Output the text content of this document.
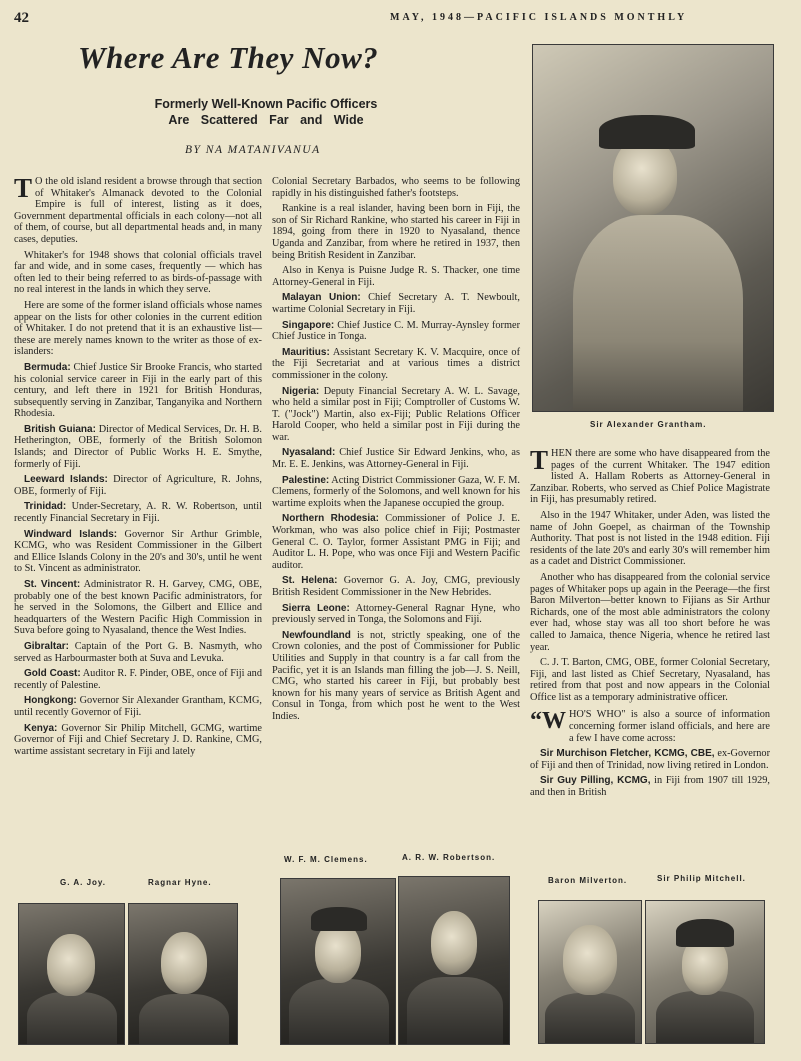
42	MAY, 1948—PACIFIC ISLANDS MONTHLY
Where Are They Now?
Formerly Well-Known Pacific Officers
Are Scattered Far and Wide
BY NA MATANIVANUA

T O the old island resident a browse through that section of Whitaker's Almanack devoted to the Colonial Empire is full of interest, listing as it does, Government departmental officials in each colony—not all of them, of course, but all departmental heads and, in many cases, deputies.

Whitaker's for 1948 shows that colonial officials travel far and wide, and in some cases, frequently — which has often led to their being referred to as birds-of-passage with no real interest in the lands in which they serve.

Here are some of the former island officials whose names appear on the lists for other colonies in the current edition of Whitaker. I do not pretend that it is an exhaustive list—these are merely names known to the writer as those of ex-islanders:

Bermuda: Chief Justice Sir Brooke Francis, who started his colonial service career in Fiji in the early part of this century, and left there in 1921 for British Honduras, subsequently serving in Zanzibar, Tanganyika and Northern Rhodesia.

British Guiana: Director of Medical Services, Dr. H. B. Hetherington, OBE, formerly of the British Solomon Islands; and Director of Public Works H. E. Smythe, formerly of Fiji.

Leeward Islands: Director of Agriculture, R. Johns, OBE, formerly of Fiji.

Trinidad: Under-Secretary, A. R. W. Robertson, until recently Financial Secretary in Fiji.

Windward Islands: Governor Sir Arthur Grimble, KCMG, who was Resident Commissioner in the Gilbert and Ellice Islands Colony in the 20's and 30's, until he went to St. Vincent as administrator.

St. Vincent: Administrator R. H. Garvey, CMG, OBE, probably one of the best known Pacific administrators, for he served in the Solomons, the Gilbert and Ellice and headquarters of the Western Pacific High Commission in Suva before going to Nyasaland, thence the West Indies.

Gibraltar: Captain of the Port G. B. Nasmyth, who served as Harbourmaster both at Suva and Levuka.

Gold Coast: Auditor R. F. Pinder, OBE, once of Fiji and recently of Palestine.

Hongkong: Governor Sir Alexander Grantham, KCMG, until recently Governor of Fiji.

Kenya: Governor Sir Philip Mitchell, GCMG, wartime Governor of Fiji and Chief Secretary J. D. Rankine, CMG, wartime assistant secretary in Fiji and lately

Colonial Secretary Barbados, who seems to be following rapidly in his distinguished father's footsteps.

Rankine is a real islander, having been born in Fiji, the son of Sir Richard Rankine, who started his career in Fiji in 1894, going from there in 1920 to Nyasaland, thence Uganda and Zanzibar, from where he retired in 1937, then being British Resident in Zanzibar.

Also in Kenya is Puisne Judge R. S. Thacker, one time Attorney-General in Fiji.

Malayan Union: Chief Secretary A. T. Newboult, wartime Colonial Secretary in Fiji.

Singapore: Chief Justice C. M. Murray-Aynsley former Chief Justice in Tonga.

Mauritius: Assistant Secretary K. V. Macquire, once of the Fiji Secretariat and at various times a district commissioner in the colony.

Nigeria: Deputy Financial Secretary A. W. L. Savage, who held a similar post in Fiji; Comptroller of Customs W. T. ("Jock") Martin, also ex-Fiji; Public Relations Officer Harold Cooper, who held a similar post in Fiji during the war.

Nyasaland: Chief Justice Sir Edward Jenkins, who, as Mr. E. E. Jenkins, was Attorney-General in Fiji.

Palestine: Acting District Commissioner Gaza, W. F. M. Clemens, formerly of the Solomons, and well known for his wartime exploits when the Japanese occupied the group.

Northern Rhodesia: Commissioner of Police J. E. Workman, who was also police chief in Fiji; Postmaster General C. O. Taylor, former Assistant PMG in Fiji; and Auditor L. H. Pope, who was once Fiji and Western Pacific auditor.

St. Helena: Governor G. A. Joy, CMG, previously British Resident Commissioner in the New Hebrides.

Sierra Leone: Attorney-General Ragnar Hyne, who previously served in Tonga, the Solomons and Fiji.

Newfoundland is not, strictly speaking, one of the Crown colonies, and the post of Commissioner for Public Utilities and Supply in that country is a far call from the Pacific, yet it is an Islands man filling the job—J. S. Neill, CMG, who started his career in Fiji, but probably best known for his many years of service as British Agent and Consul in Tonga, from which post he went to the West Indies.

THEN there are some who have disappeared from the pages of the current Whitaker. The 1947 edition listed A. Hallam Roberts as Attorney-General in Zanzibar. Roberts, who served as Chief Police Magistrate in Fiji, has presumably retired.

Also in the 1947 Whitaker, under Aden, was listed the name of John Goepel, as chairman of the Township Authority. That post is not listed in the 1948 edition. Fiji residents of the late 20's and early 30's will remember him as a cadet and District Commissioner.

Another who has disappeared from the colonial service pages of Whitaker pops up again in the Peerage—the first Baron Milverton—better known to Fijians as Sir Arthur Richards, one of the most able administrators the colony ever had, whose stay was all too short before he was called to Jamaica, thence Nigeria, whence he retired last year.

C. J. T. Barton, CMG, OBE, former Colonial Secretary, Fiji, and last listed as Chief Secretary, Nyasaland, has retired from that post and now appears in the Colonial Office list as a temporary administrative officer.

“WHO'S WHO" is also a source of information concerning former island officials, and here are a few I have come across:

Sir Murchison Fletcher, KCMG, CBE, ex-Governor of Fiji and then of Trinidad, now living retired in London.

Sir Guy Pilling, KCMG, in Fiji from 1907 till 1929, and then in British

Sir Alexander Grantham.
G. A. Joy.	Ragnar Hyne.
W. F. M. Clemens.	A. R. W. Robertson.
Baron Milverton.	Sir Philip Mitchell.
